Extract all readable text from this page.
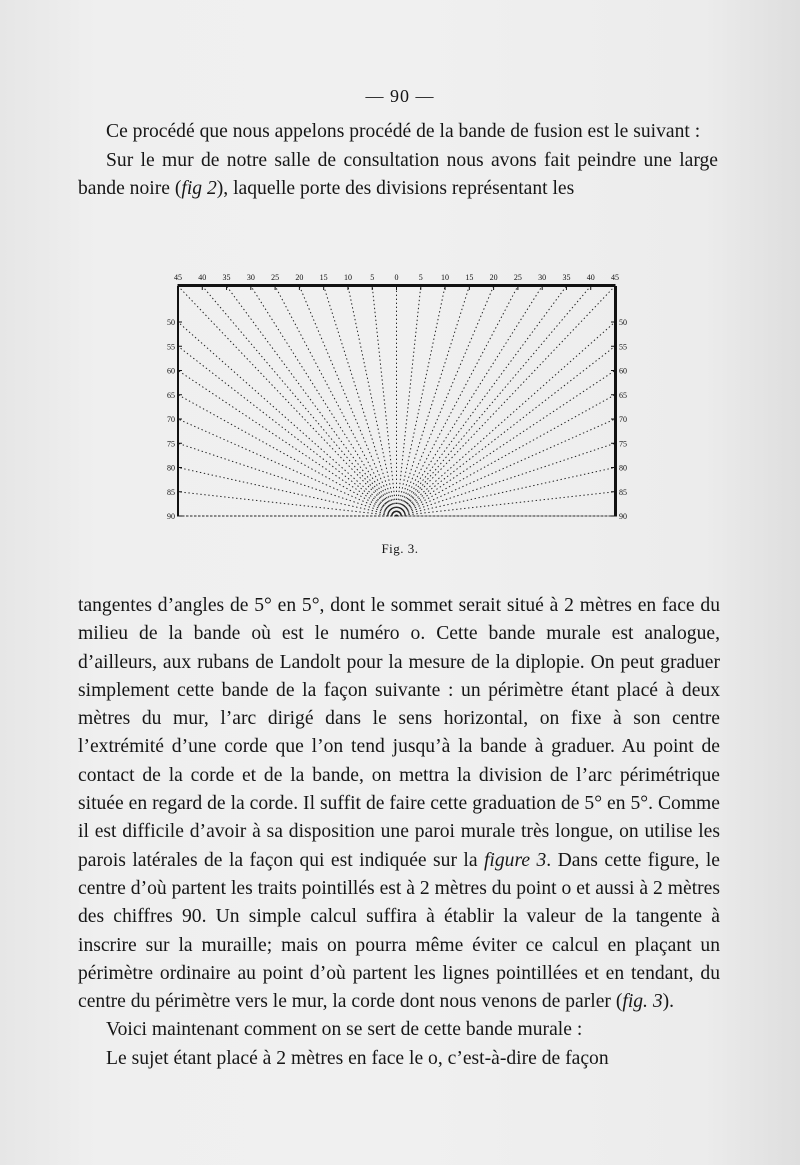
— 90 —

Ce procédé que nous appelons procédé de la bande de fusion est le suivant :

Sur le mur de notre salle de consultation nous avons fait peindre une large bande noire (fig 2), laquelle porte des divisions représentant les

45 40 35 30 25 20 15 10 5	0	5 10 15 20 25 30 35 40 45
50
55
60
65
70
75
80
85
90
50
55
60
65
70
75
80
85
90
Fig. 3.

tangentes d’angles de 5° en 5°, dont le sommet serait situé à 2 mètres en face du milieu de la bande où est le numéro o. Cette bande murale est analogue, d’ailleurs, aux rubans de Landolt pour la mesure de la diplopie. On peut graduer simplement cette bande de la façon suivante : un périmètre étant placé à deux mètres du mur, l’arc dirigé dans le sens horizontal, on fixe à son centre l’extrémité d’une corde que l’on tend jusqu’à la bande à graduer. Au point de contact de la corde et de la bande, on mettra la division de l’arc périmétrique située en regard de la corde. Il suffit de faire cette graduation de 5° en 5°. Comme il est difficile d’avoir à sa disposition une paroi murale très longue, on utilise les parois latérales de la façon qui est indiquée sur la figure 3. Dans cette figure, le centre d’où partent les traits pointillés est à 2 mètres du point o et aussi à 2 mètres des chiffres 90. Un simple calcul suffira à établir la valeur de la tangente à inscrire sur la muraille; mais on pourra même éviter ce calcul en plaçant un périmètre ordinaire au point d’où partent les lignes pointillées et en tendant, du centre du périmètre vers le mur, la corde dont nous venons de parler (fig. 3).

Voici maintenant comment on se sert de cette bande murale :

Le sujet étant placé à 2 mètres en face le o, c’est-à-dire de façon
